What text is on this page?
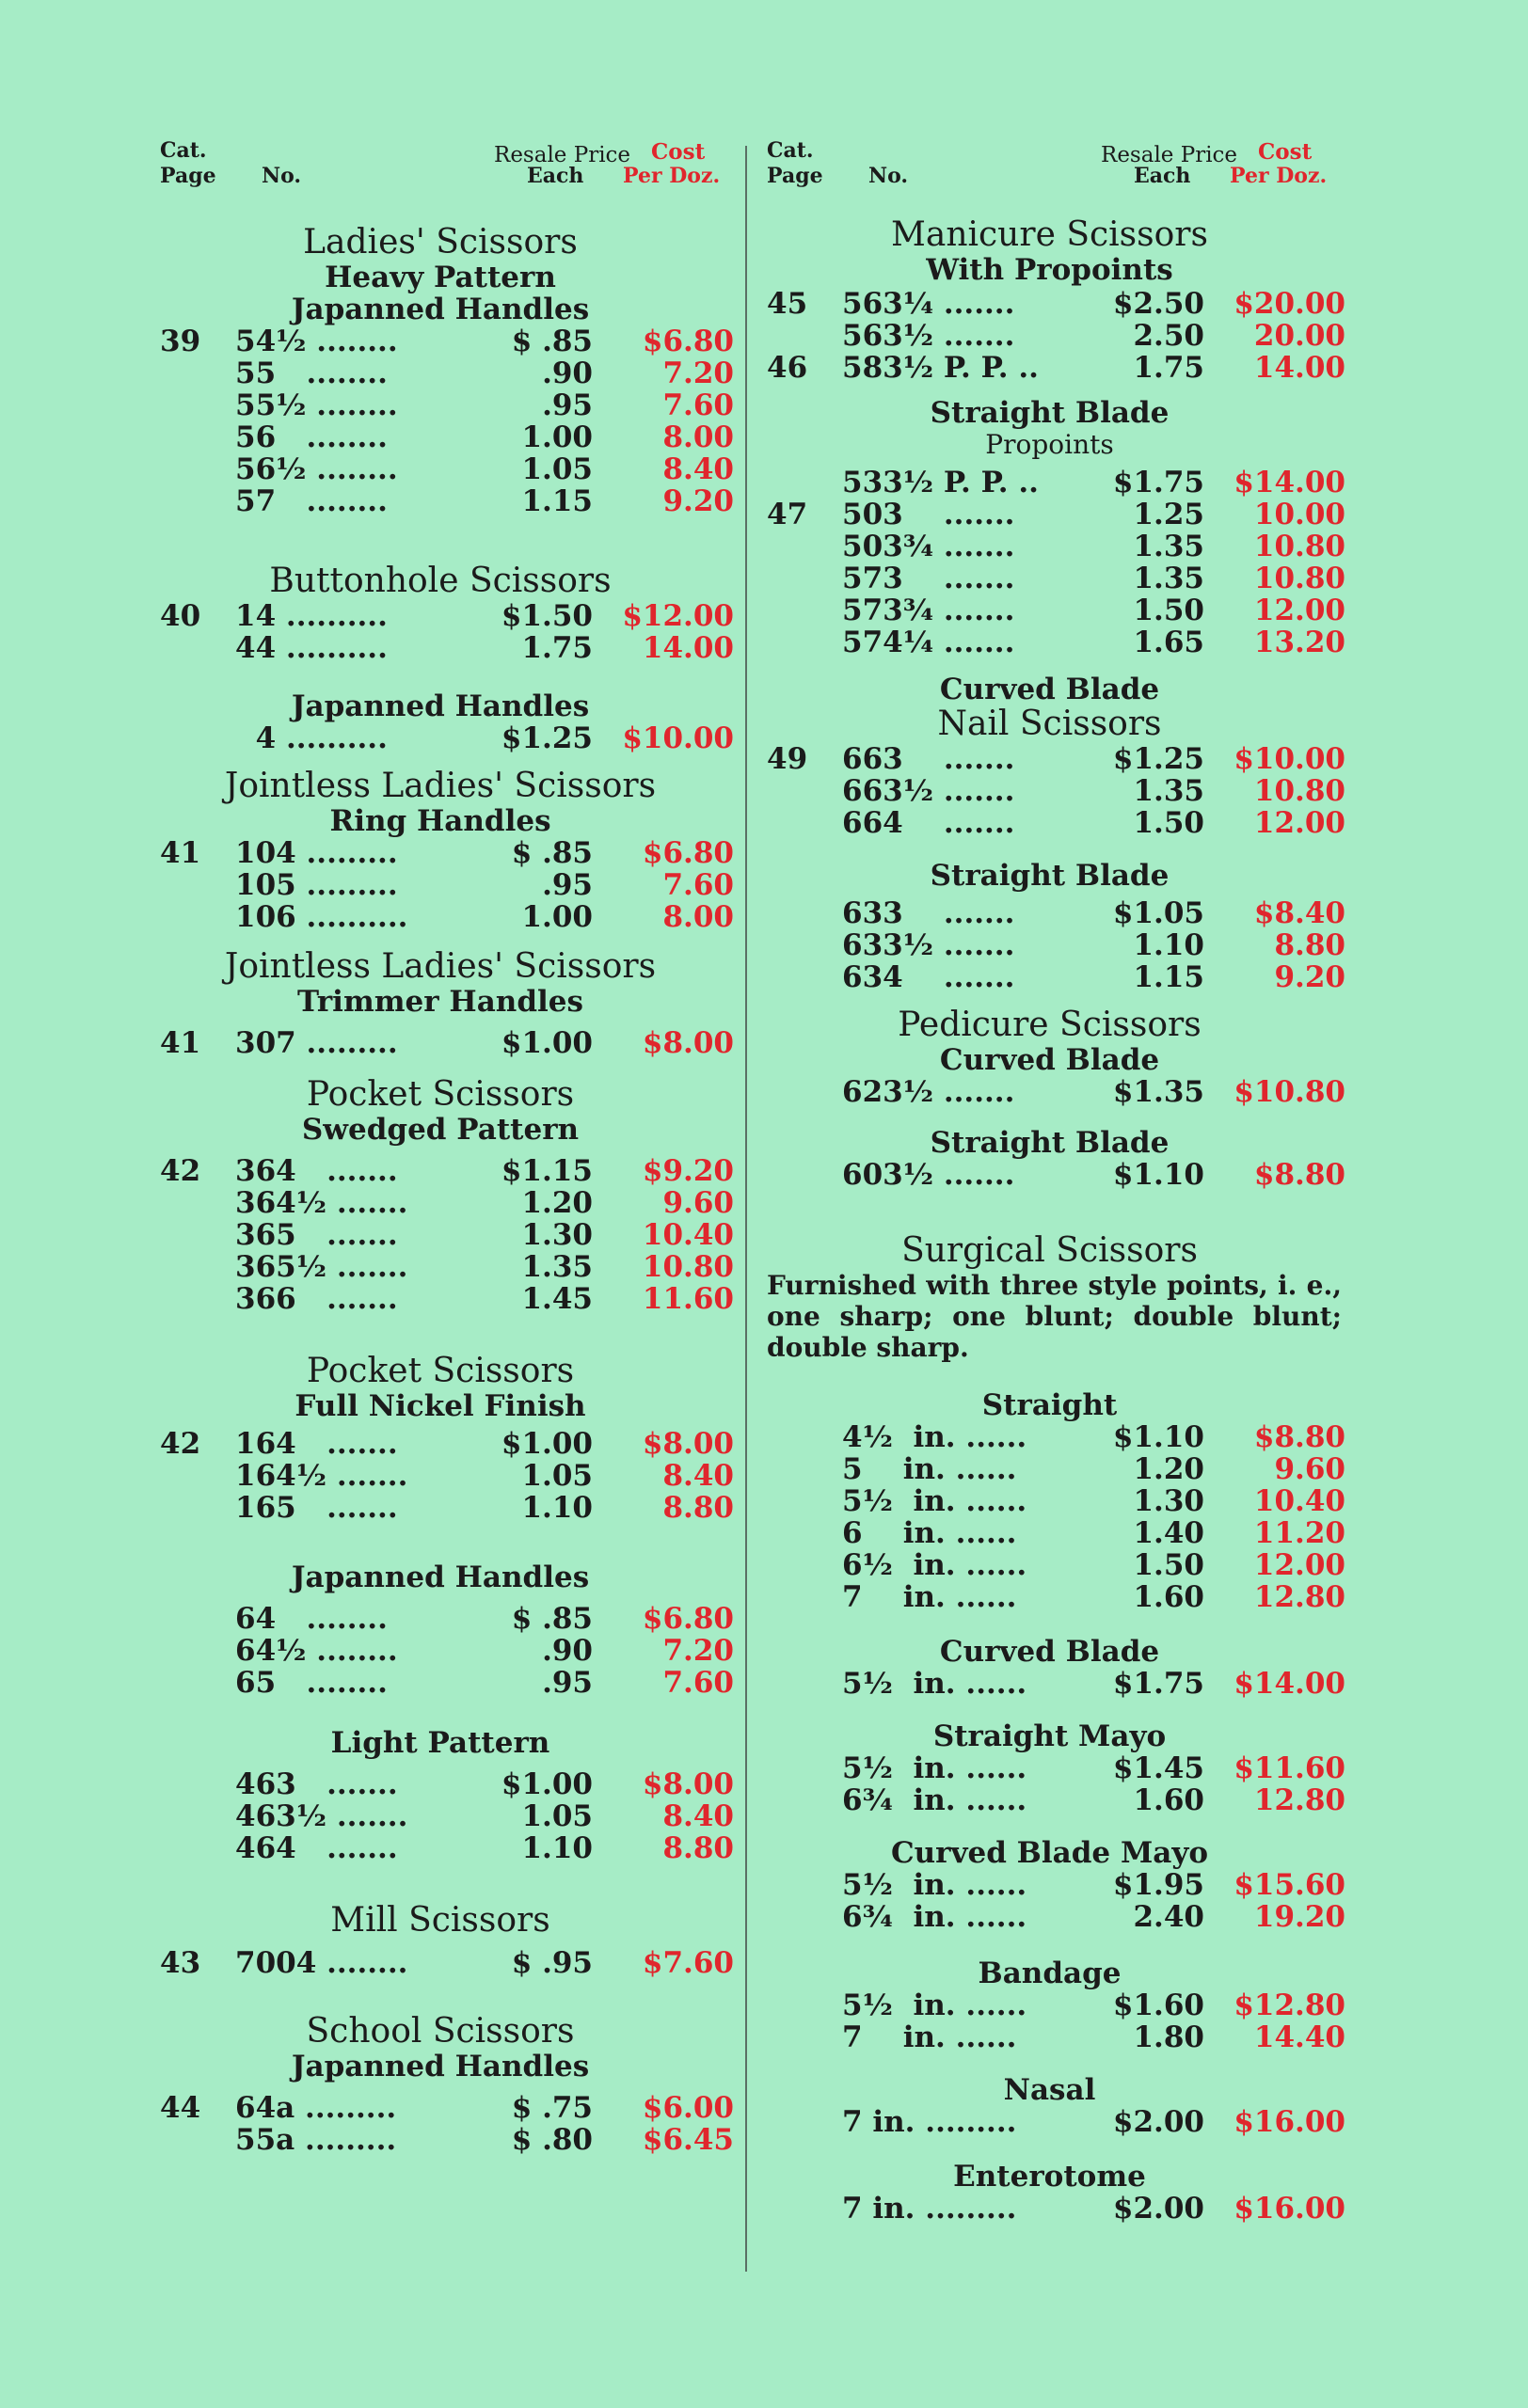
Cat.
Page No.
Resale Price
Each
Cost
Per Doz.
Ladies' Scissors
Heavy Pattern
Japanned Handles
39	54½ ........	$ .85 $6.80
55   ........	.90 7.20
55½ ........	.95 7.60
56   ........	1.00 8.00
56½ ........	1.05 8.40
57   ........	1.15 9.20
Buttonhole Scissors
40	14 ..........	$1.50 $12.00
44 ..........	1.75 14.00
Japanned Handles
4 ..........	$1.25 $10.00
Jointless Ladies' Scissors
Ring Handles
41	104 .........	$ .85 $6.80
105 .........	.95 7.60
106 ..........	1.00 8.00
Jointless Ladies' Scissors
Trimmer Handles
41	307 .........	$1.00 $8.00
Pocket Scissors
Swedged Pattern
42	364   .......	$1.15 $9.20
364½ .......	1.20 9.60
365   .......	1.30 10.40
365½ .......	1.35 10.80
366   .......	1.45 11.60
Pocket Scissors
Full Nickel Finish
42	164   .......	$1.00 $8.00
164½ .......	1.05 8.40
165   .......	1.10 8.80
Japanned Handles
64   ........	$ .85 $6.80
64½ ........	.90 7.20
65   ........	.95 7.60
Light Pattern
463   .......	$1.00 $8.00
463½ .......	1.05 8.40
464   .......	1.10 8.80
Mill Scissors
43	7004 ........	$ .95 $7.60
School Scissors
Japanned Handles
44	64a .........	$ .75 $6.00
55a .........	$ .80 $6.45
Cat.
Page No.
Resale Price
Each
Cost
Per Doz.
Manicure Scissors
With Propoints
45	563¼ .......	$2.50 $20.00
563½ .......	2.50 20.00
46	583½ P. P. ..	1.75 14.00
Straight Blade
Propoints
533½ P. P. ..	$1.75 $14.00
47	503    .......	1.25 10.00
503¾ .......	1.35 10.80
573    .......	1.35 10.80
573¾ .......	1.50 12.00
574¼ .......	1.65 13.20
Curved Blade
Nail Scissors
49	663    .......	$1.25 $10.00
663½ .......	1.35 10.80
664    .......	1.50 12.00
Straight Blade
633    .......	$1.05 $8.40
633½ .......	1.10 8.80
634    .......	1.15 9.20
Pedicure Scissors
Curved Blade
623½ .......	$1.35 $10.80
Straight Blade
603½ .......	$1.10 $8.80
Surgical Scissors
Furnished with three style points, i. e., one sharp; one blunt; double blunt; double sharp.
Straight
4½  in. ......	$1.10 $8.80
5    in. ......	1.20 9.60
5½  in. ......	1.30 10.40
6    in. ......	1.40 11.20
6½  in. ......	1.50 12.00
7    in. ......	1.60 12.80
Curved Blade
5½  in. ......	$1.75 $14.00
Straight Mayo
5½  in. ......	$1.45 $11.60
6¾  in. ......	1.60 12.80
Curved Blade Mayo
5½  in. ......	$1.95 $15.60
6¾  in. ......	2.40 19.20
Bandage
5½  in. ......	$1.60 $12.80
7    in. ......	1.80 14.40
Nasal
7 in. .........	$2.00 $16.00
Enterotome
7 in. .........	$2.00 $16.00
